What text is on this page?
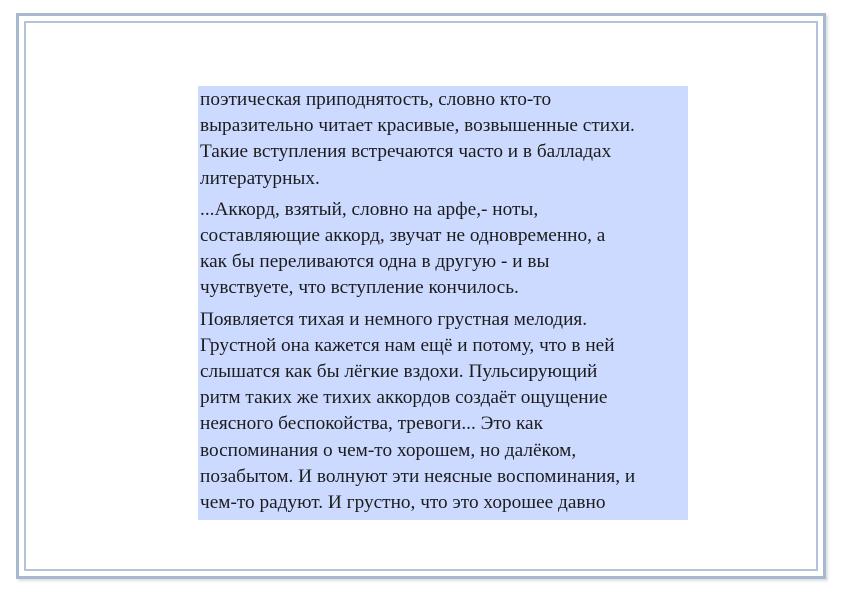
поэтическая приподнятость, словно кто-то
выразительно читает красивые, возвышенные стихи.
Такие вступления встречаются часто и в балладах
литературных.

...Аккорд, взятый, словно на арфе,- ноты,
составляющие аккорд, звучат не одновременно, а
как бы переливаются одна в другую - и вы
чувствуете, что вступление кончилось.

Появляется тихая и немного грустная мелодия.
Грустной она кажется нам ещё и потому, что в ней
слышатся как бы лёгкие вздохи. Пульсирующий
ритм таких же тихих аккордов создаёт ощущение
неясного беспокойства, тревоги... Это как
воспоминания о чем-то хорошем, но далёком,
позабытом. И волнуют эти неясные воспоминания, и
чем-то радуют. И грустно, что это хорошее давно
